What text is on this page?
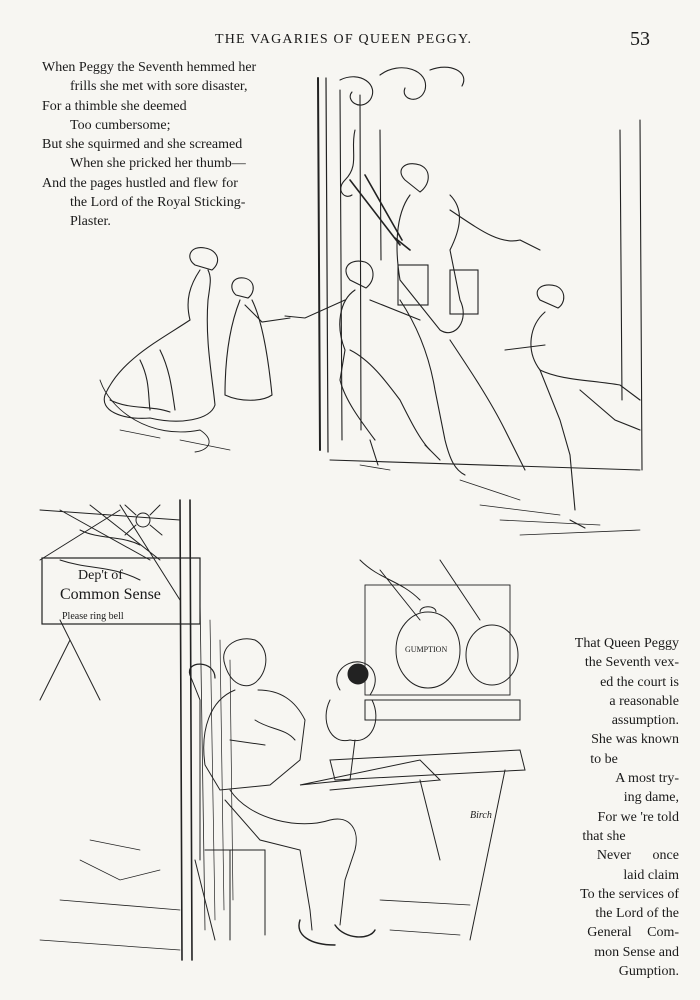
THE VAGARIES OF QUEEN PEGGY.	53
When Peggy the Seventh hemmed her
frills she met with sore disaster,
For a thimble she deemed
Too cumbersome;
But she squirmed and she screamed
When she pricked her thumb—
And the pages hustled and flew for
the Lord of the Royal Sticking-
Plaster.
Dep't of
Common Sense
Please ring bell
GUMPTION
Birch
That Queen Peggy
the Seventh vex-
ed the court is
a reasonable
assumption.
She was known
to be
A most try-
ing dame,
For we 're told
that she
Never once
laid claim
To the services of
the Lord of the
General Com-
mon Sense and
Gumption.
